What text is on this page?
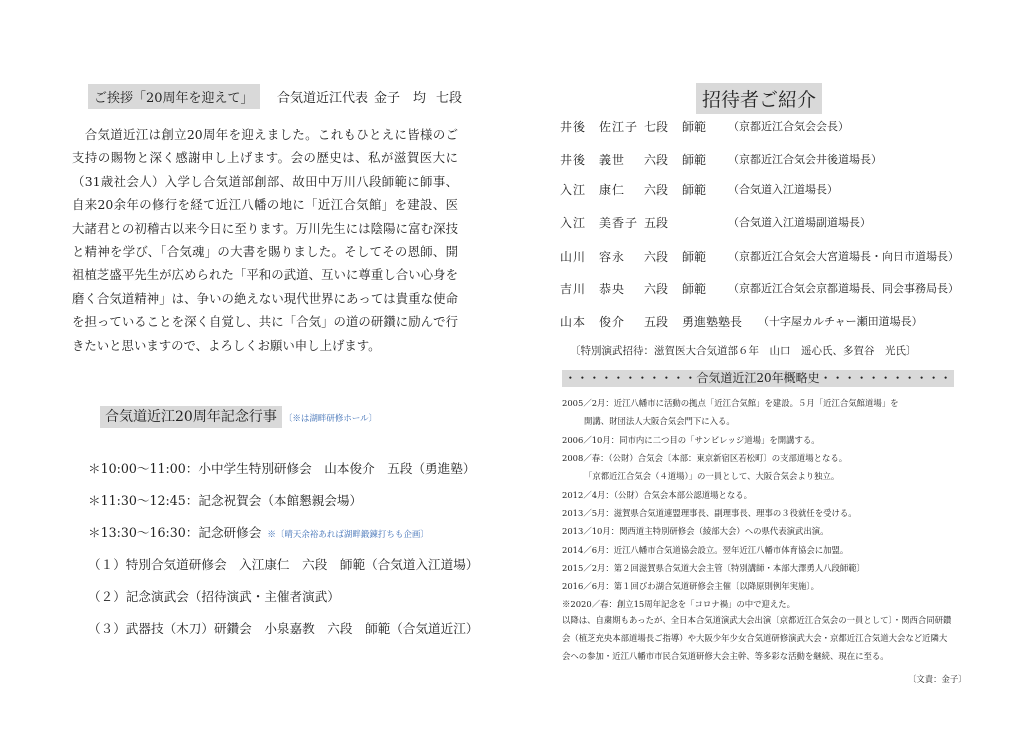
ご挨拶「20周年を迎えて」	合気道近江代表 金子　均 七段

　合気道近江は創立20周年を迎えました。これもひとえに皆様のご支持の賜物と深く感謝申し上げます。会の歴史は、私が滋賀医大に（31歳社会人）入学し合気道部創部、故田中万川八段師範に師事、自来20余年の修行を経て近江八幡の地に「近江合気館」を建設、医大諸君との初稽古以来今日に至ります。万川先生には陰陽に富む深技と精神を学び、「合気魂」の大書を賜りました。そしてその恩師、開祖植芝盛平先生が広められた「平和の武道、互いに尊重し合い心身を磨く合気道精神」は、争いの絶えない現代世界にあっては貴重な使命を担っていることを深く自覚し、共に「合気」の道の研鑽に励んで行きたいと思いますので、よろしくお願い申し上げます。

合気道近江20周年記念行事 〔※は湖畔研修ホール〕
＊10:00～11:00：小中学生特別研修会　山本俊介　五段（勇進塾）
＊11:30～12:45：記念祝賀会（本館懇親会場）
＊13:30～16:30：記念研修会 ※〔晴天余裕あれば湖畔鍛錬打ちも企画〕
（１）特別合気道研修会　入江康仁　六段　師範（合気道入江道場）
（２）記念演武会（招待演武・主催者演武）
（３）武器技（木刀）研鑽会　小泉嘉教　六段　師範（合気道近江）
招待者ご紹介
井後　佐江子 七段 師範 （京都近江合気会会長）
井後　義世 六段 師範 （京都近江合気会井後道場長）
入江　康仁 六段 師範 （合気道入江道場長）
入江　美香子 五段	（合気道入江道場副道場長）
山川　容永 六段 師範 （京都近江合気会大宮道場長・向日市道場長）
吉川　恭央 六段 師範 （京都近江合気会京都道場長、同会事務局長）
山本　俊介 五段 勇進塾塾長 （十字屋カルチャー瀬田道場長）
〔特別演武招待：滋賀医大合気道部６年　山口　遥心氏、多賀谷　光氏〕
・・・・・・・・・・・合気道近江20年概略史・・・・・・・・・・・
2005／2月：近江八幡市に活動の拠点「近江合気館」を建設。５月「近江合気館道場」を
開講、財団法人大阪合気会門下に入る。
2006／10月：同市内に二つ目の「サンビレッジ道場」を開講する。
2008／春：（公財）合気会〔本部：東京新宿区若松町〕の支部道場となる。
「京都近江合気会（４道場）」の一員として、大阪合気会より独立。
2012／4月：（公財）合気会本部公認道場となる。
2013／5月：滋賀県合気道連盟理事長、副理事長、理事の３役就任を受ける。
2013／10月：関西道主特別研修会（綾部大会）への県代表演武出演。
2014／6月：近江八幡市合気道協会設立。翌年近江八幡市体育協会に加盟。
2015／2月：第２回滋賀県合気道大会主管〔特別講師・本部大澤勇人八段師範〕
2016／6月：第１回びわ湖合気道研修会主催〔以降原則例年実施〕。
※2020／春：創立15周年記念を「コロナ禍」の中で迎えた。

以降は、自粛期もあったが、全日本合気道演武大会出演〔京都近江合気会の一員として〕・関西合同研鑽会（植芝充央本部道場長ご指導）や大阪少年少女合気道研修演武大会・京都近江合気道大会など近隣大会への参加・近江八幡市市民合気道研修大会主幹、等多彩な活動を継続、現在に至る。

〔文責：金子〕
